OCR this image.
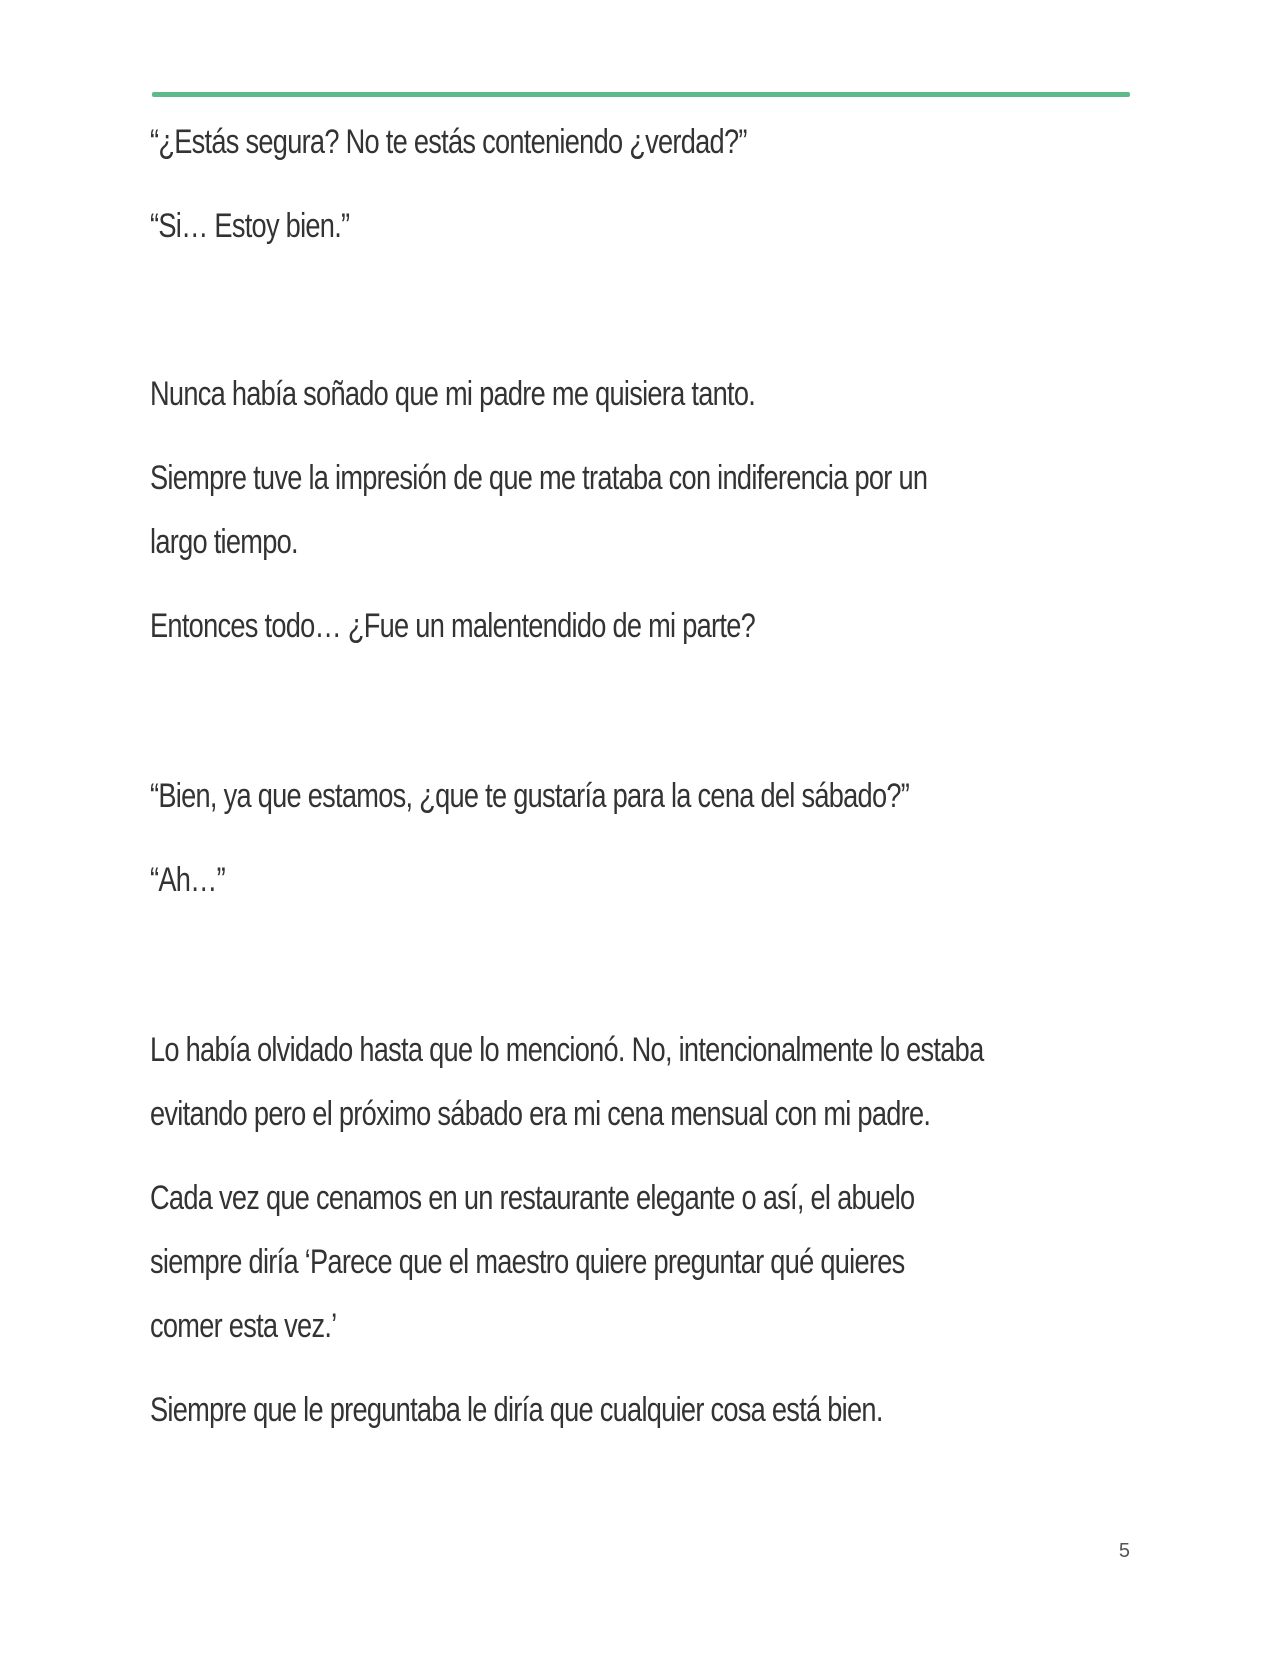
“¿Estás segura? No te estás conteniendo ¿verdad?”

“Si… Estoy bien.”

Nunca había soñado que mi padre me quisiera tanto.

Siempre tuve la impresión de que me trataba con indiferencia por un
largo tiempo.

Entonces todo… ¿Fue un malentendido de mi parte?

“Bien, ya que estamos, ¿que te gustaría para la cena del sábado?”

“Ah…”

Lo había olvidado hasta que lo mencionó. No, intencionalmente lo estaba
evitando pero el próximo sábado era mi cena mensual con mi padre.

Cada vez que cenamos en un restaurante elegante o así, el abuelo
siempre diría ‘Parece que el maestro quiere preguntar qué quieres
comer esta vez.’

Siempre que le preguntaba le diría que cualquier cosa está bien.

5
